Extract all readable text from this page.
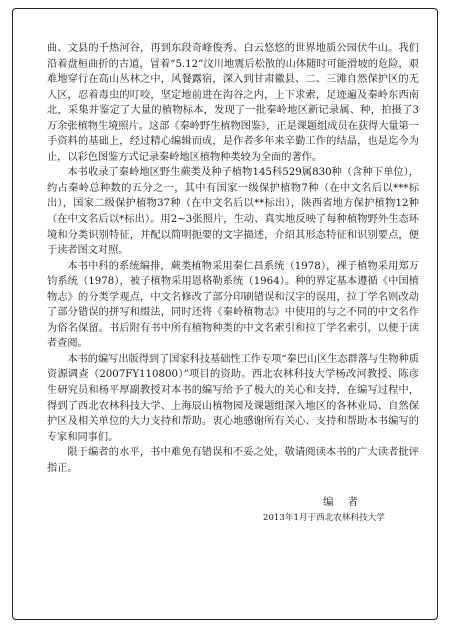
曲、文县的千热河谷，再到东段奇峰俊秀、白云悠悠的世界地质公园伏牛山。我们沿着盘桓曲折的古道，冒着“5.12”汶川地震后松散的山体随时可能滑坡的危险，艰难地穿行在高山丛林之中，风餐露宿，深入到甘肃徽县、二、三滩自然保护区的无人区，忍着毒虫的叮咬，坚定地前进在沟谷之内，上下求索，足迹遍及秦岭东西南北，采集并鉴定了大量的植物标本，发现了一批秦岭地区新记录属、种，拍摄了3万余张植物生境照片。这部《秦岭野生植物图鉴》，正是课题组成员在获得大量第一手资料的基础上，经过精心编辑而成，是作者多年来辛勤工作的结晶，也是迄今为止，以彩色图鉴方式记录秦岭地区植物种类较为全面的著作。

本书收录了秦岭地区野生蕨类及种子植物145科529属830种（含种下单位），约占秦岭总种数的五分之一，其中有国家一级保护植物7种（在中文名后以***标出），国家二级保护植物37种（在中文名后以**标出），陕西省地方保护植物12种（在中文名后以*标出）。用2~3张照片，生动、真实地反映了每种植物野外生态环境和分类识别特征，并配以简明扼要的文字描述，介绍其形态特征和识别要点，便于读者图文对照。

本书中科的系统编排，蕨类植物采用秦仁昌系统（1978），裸子植物采用郑万钧系统（1978），被子植物采用恩格勒系统（1964）。种的界定基本遵循《中国植物志》的分类学观点，中文名修改了部分印刷错误和汉字的误用，拉丁学名则改动了部分错误的拼写和缀法，同时还将《秦岭植物志》中使用的与之不同的中文名作为俗名保留。书后附有书中所有植物种类的中文名索引和拉丁学名索引，以便于读者查阅。

本书的编写出版得到了国家科技基础性工作专项“秦巴山区生态群落与生物种质资源调查（2007FY110800）”项目的资助。西北农林科技大学杨改河教授、陈彦生研究员和杨平厚副教授对本书的编写给予了极大的关心和支持，在编写过程中，得到了西北农林科技大学、上海辰山植物园及课题组深入地区的各林业局、自然保护区及相关单位的大力支持和帮助。衷心地感谢所有关心、支持和帮助本书编写的专家和同事们。

限于编者的水平，书中难免有错误和不妥之处，敬请阅读本书的广大读者批评指正。

编者
2013年1月于西北农林科技大学
